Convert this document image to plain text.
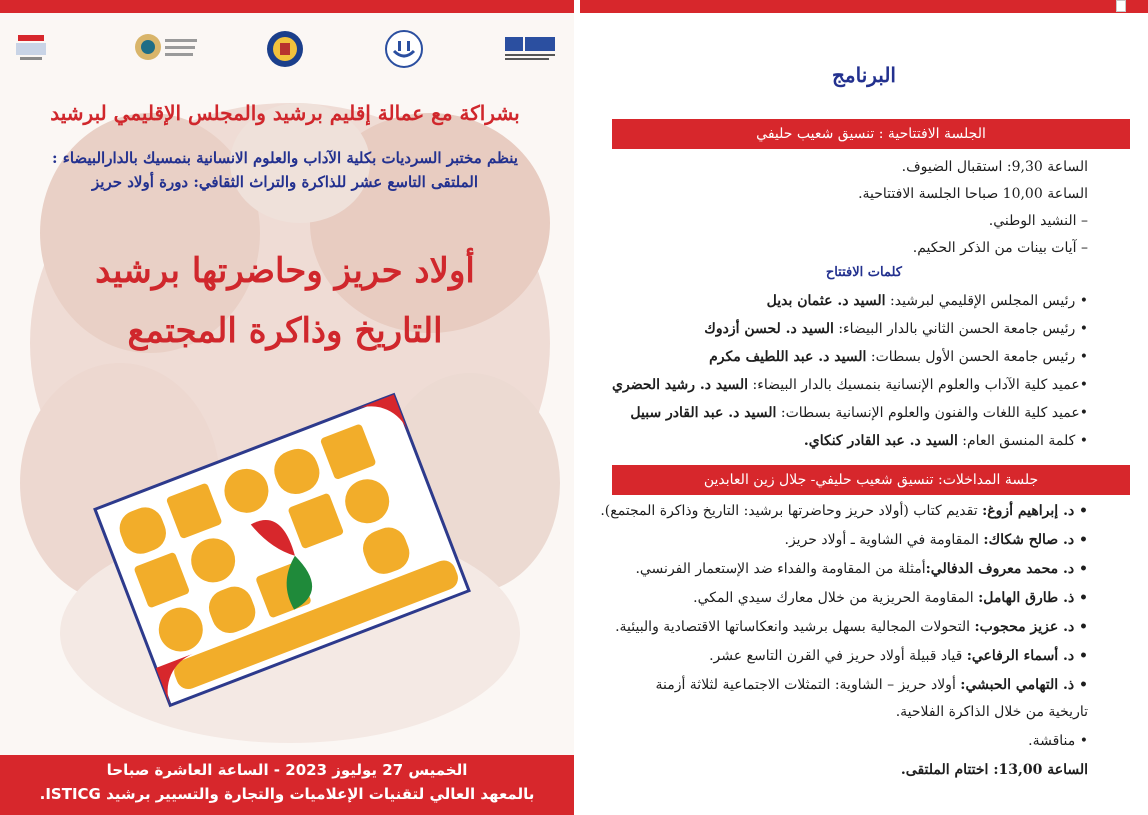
بشراكة مع عمالة إقليم برشيد والمجلس الإقليمي لبرشيد
ينظم مختبر السرديات بكلية الآداب والعلوم الانسانية بنمسيك بالدارالبيضاء :
الملتقى التاسع عشر للذاكرة والتراث الثقافي: دورة أولاد حريز
أولاد حريز وحاضرتها برشيد
التاريخ وذاكرة المجتمع
الخميس 27 يوليوز 2023 - الساعة العاشرة صباحا
بالمعهد العالي لتقنيات الإعلاميات والتجارة والتسيير برشيد ISTICG.
البرنامج
الجلسة الافتتاحية : تنسيق شعيب حليفي
الساعة 9,30: استقبال الضيوف.
الساعة 10,00 صباحا الجلسة الافتتاحية.
– النشيد الوطني.
– آيات بينات من الذكر الحكيم.
كلمات الافتتاح
• رئيس المجلس الإقليمي لبرشيد: السيد د. عثمان بديل
• رئيس جامعة الحسن الثاني بالدار البيضاء: السيد د. لحسن أزدوك
• رئيس جامعة الحسن الأول بسطات: السيد د. عبد اللطيف مكرم
•عميد كلية الآداب والعلوم الإنسانية بنمسيك بالدار البيضاء: السيد د. رشيد الحضري
•عميد كلية اللغات والفنون والعلوم الإنسانية بسطات: السيد د. عبد القادر سبيل
• كلمة المنسق العام: السيد د. عبد القادر كنكاي.
جلسة المداخلات: تنسيق شعيب حليفي- جلال زين العابدين
• د. إبراهيم أزوغ: تقديم كتاب (أولاد حريز وحاضرتها برشيد: التاريخ وذاكرة المجتمع).
• د. صالح شكاك: المقاومة في الشاوية ـ أولاد حريز.
• د. محمد معروف الدفالي:أمثلة من المقاومة والفداء ضد الإستعمار الفرنسي.
• ذ. طارق الهامل: المقاومة الحريزية من خلال معارك سيدي المكي.
• د. عزيز محجوب: التحولات المجالية بسهل برشيد وانعكاساتها الاقتصادية والبيئية.
• د. أسماء الرفاعي: قياد قبيلة أولاد حريز في القرن التاسع عشر.
• ذ. التهامي الحبشي: أولاد حريز – الشاوية: التمثلات الاجتماعية لثلاثة أزمنة
تاريخية من خلال الذاكرة الفلاحية.
• مناقشة.
الساعة 13,00: اختتام الملتقى.
